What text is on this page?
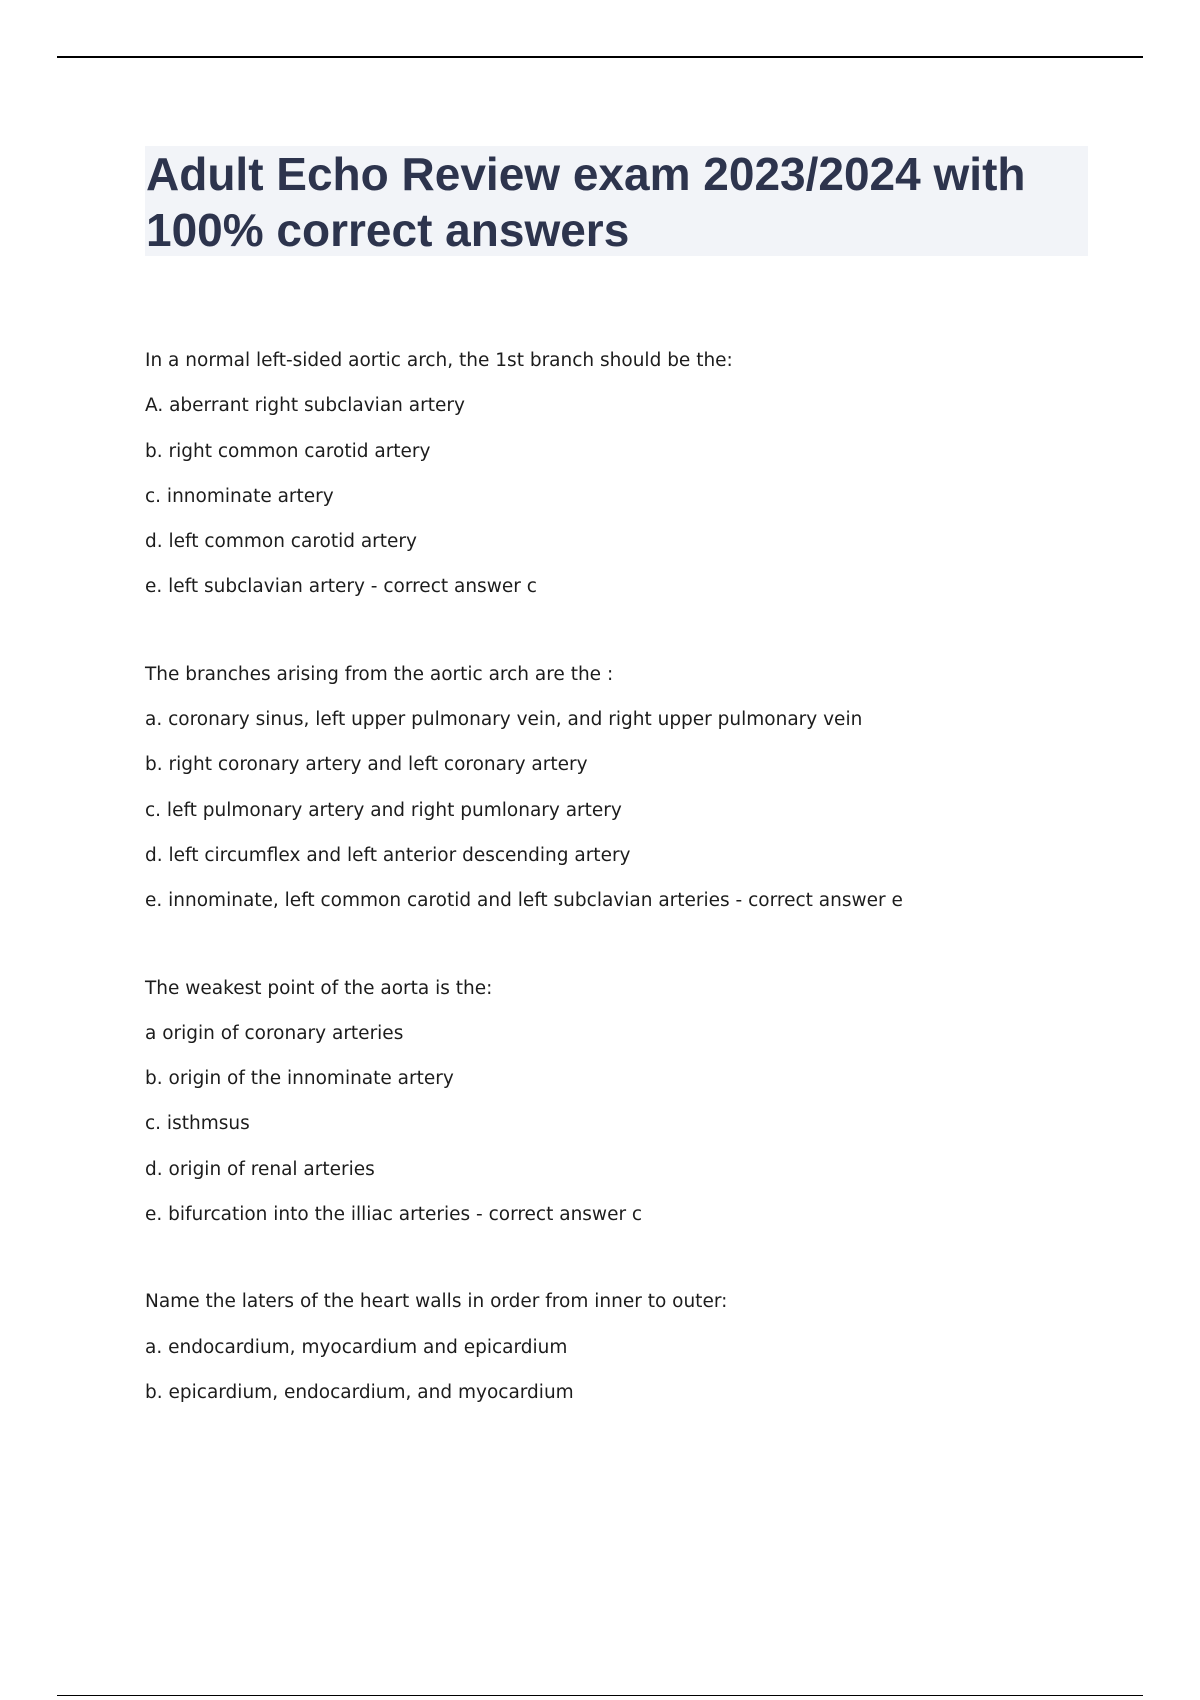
Adult Echo Review exam 2023/2024 with
100% correct answers
In a normal left-sided aortic arch, the 1st branch should be the:
A. aberrant right subclavian artery
b. right common carotid artery
c. innominate artery
d. left common carotid artery
e. left subclavian artery - correct answer c
The branches arising from the aortic arch are the :
a. coronary sinus, left upper pulmonary vein, and right upper pulmonary vein
b. right coronary artery and left coronary artery
c. left pulmonary artery and right pumlonary artery
d. left circumflex and left anterior descending artery
e. innominate, left common carotid and left subclavian arteries - correct answer e
The weakest point of the aorta is the:
a origin of coronary arteries
b. origin of the innominate artery
c. isthmsus
d. origin of renal arteries
e. bifurcation into the illiac arteries - correct answer c
Name the laters of the heart walls in order from inner to outer:
a. endocardium, myocardium and epicardium
b. epicardium, endocardium, and myocardium
